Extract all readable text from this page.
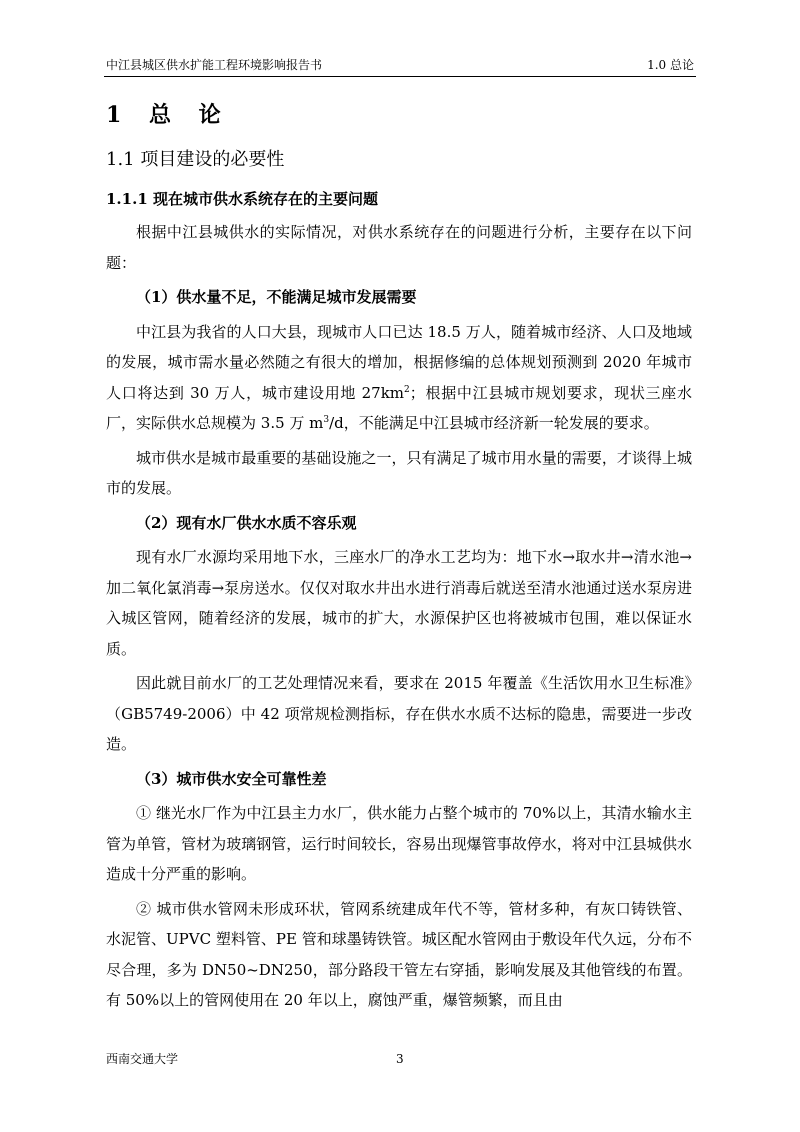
中江县城区供水扩能工程环境影响报告书	1.0 总论
1 总 论
1.1 项目建设的必要性
1.1.1 现在城市供水系统存在的主要问题

根据中江县城供水的实际情况，对供水系统存在的问题进行分析，主要存在以下问题：

（1）供水量不足，不能满足城市发展需要

中江县为我省的人口大县，现城市人口已达 18.5 万人，随着城市经济、人口及地域的发展，城市需水量必然随之有很大的增加，根据修编的总体规划预测到 2020 年城市人口将达到 30 万人，城市建设用地 $27km^2$；根据中江县城市规划要求，现状三座水厂，实际供水总规模为 3.5 万 $m^3/d$，不能满足中江县城市经济新一轮发展的要求。

城市供水是城市最重要的基础设施之一，只有满足了城市用水量的需要，才谈得上城市的发展。

（2）现有水厂供水水质不容乐观

现有水厂水源均采用地下水，三座水厂的净水工艺均为：地下水→取水井→清水池→加二氧化氯消毒→泵房送水。仅仅对取水井出水进行消毒后就送至清水池通过送水泵房进入城区管网，随着经济的发展，城市的扩大，水源保护区也将被城市包围，难以保证水质。

因此就目前水厂的工艺处理情况来看，要求在 2015 年覆盖《生活饮用水卫生标准》（GB5749-2006）中 42 项常规检测指标，存在供水水质不达标的隐患，需要进一步改造。

（3）城市供水安全可靠性差

① 继光水厂作为中江县主力水厂，供水能力占整个城市的 70%以上，其清水输水主管为单管，管材为玻璃钢管，运行时间较长，容易出现爆管事故停水，将对中江县城供水造成十分严重的影响。

② 城市供水管网未形成环状，管网系统建成年代不等，管材多种，有灰口铸铁管、水泥管、UPVC 塑料管、PE 管和球墨铸铁管。城区配水管网由于敷设年代久远，分布不尽合理，多为 DN50~DN250，部分路段干管左右穿插，影响发展及其他管线的布置。有 50%以上的管网使用在 20 年以上，腐蚀严重，爆管频繁，而且由

西南交通大学	3
